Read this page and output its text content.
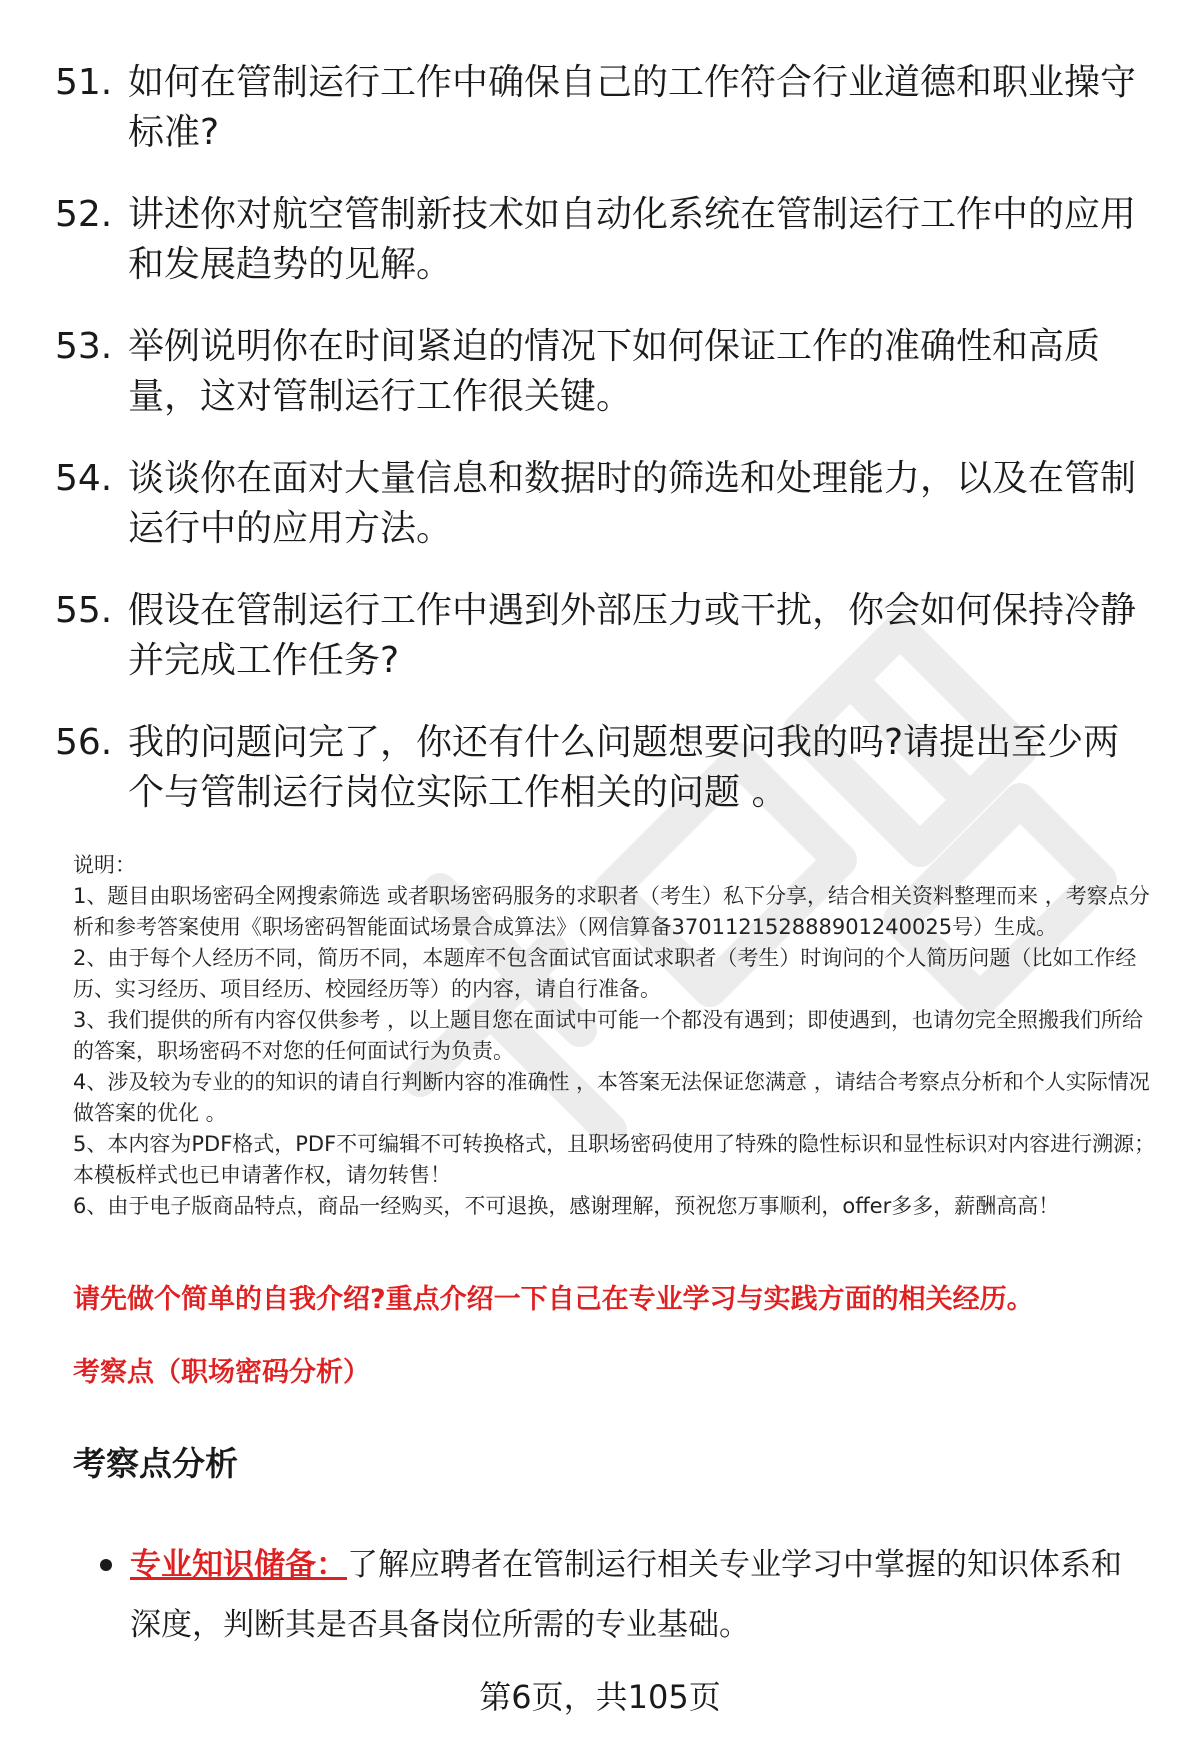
51. 如何在管制运行工作中确保自己的工作符合行业道德和职业操守标准?
52. 讲述你对航空管制新技术如自动化系统在管制运行工作中的应用和发展趋势的见解。
53. 举例说明你在时间紧迫的情况下如何保证工作的准确性和高质量，这对管制运行工作很关键。
54. 谈谈你在面对大量信息和数据时的筛选和处理能力，以及在管制运行中的应用方法。
55. 假设在管制运行工作中遇到外部压力或干扰，你会如何保持冷静并完成工作任务?
56. 我的问题问完了，你还有什么问题想要问我的吗?请提出至少两个与管制运行岗位实际工作相关的问题 。

说明：

1、题目由职场密码全网搜索筛选 或者职场密码服务的求职者（考生）私下分享，结合相关资料整理而来 ，考察点分析和参考答案使用《职场密码智能面试场景合成算法》（网信算备370112152888901240025号）生成。

2、由于每个人经历不同，简历不同，本题库不包含面试官面试求职者（考生）时询问的个人简历问题（比如工作经历、实习经历、项目经历、校园经历等）的内容，请自行准备。

3、我们提供的所有内容仅供参考 ，以上题目您在面试中可能一个都没有遇到；即使遇到，也请勿完全照搬我们所给的答案，职场密码不对您的任何面试行为负责。

4、涉及较为专业的的知识的请自行判断内容的准确性 ，本答案无法保证您满意 ，请结合考察点分析和个人实际情况做答案的优化 。

5、本内容为PDF格式，PDF不可编辑不可转换格式，且职场密码使用了特殊的隐性标识和显性标识对内容进行溯源；本模板样式也已申请著作权，请勿转售！

6、由于电子版商品特点，商品一经购买，不可退换，感谢理解，预祝您万事顺利，offer多多，薪酬高高！

请先做个简单的自我介绍?重点介绍一下自己在专业学习与实践方面的相关经历。
考察点（职场密码分析）
考察点分析
专业知识储备：了解应聘者在管制运行相关专业学习中掌握的知识体系和深度，判断其是否具备岗位所需的专业基础。
第6页，共105页
